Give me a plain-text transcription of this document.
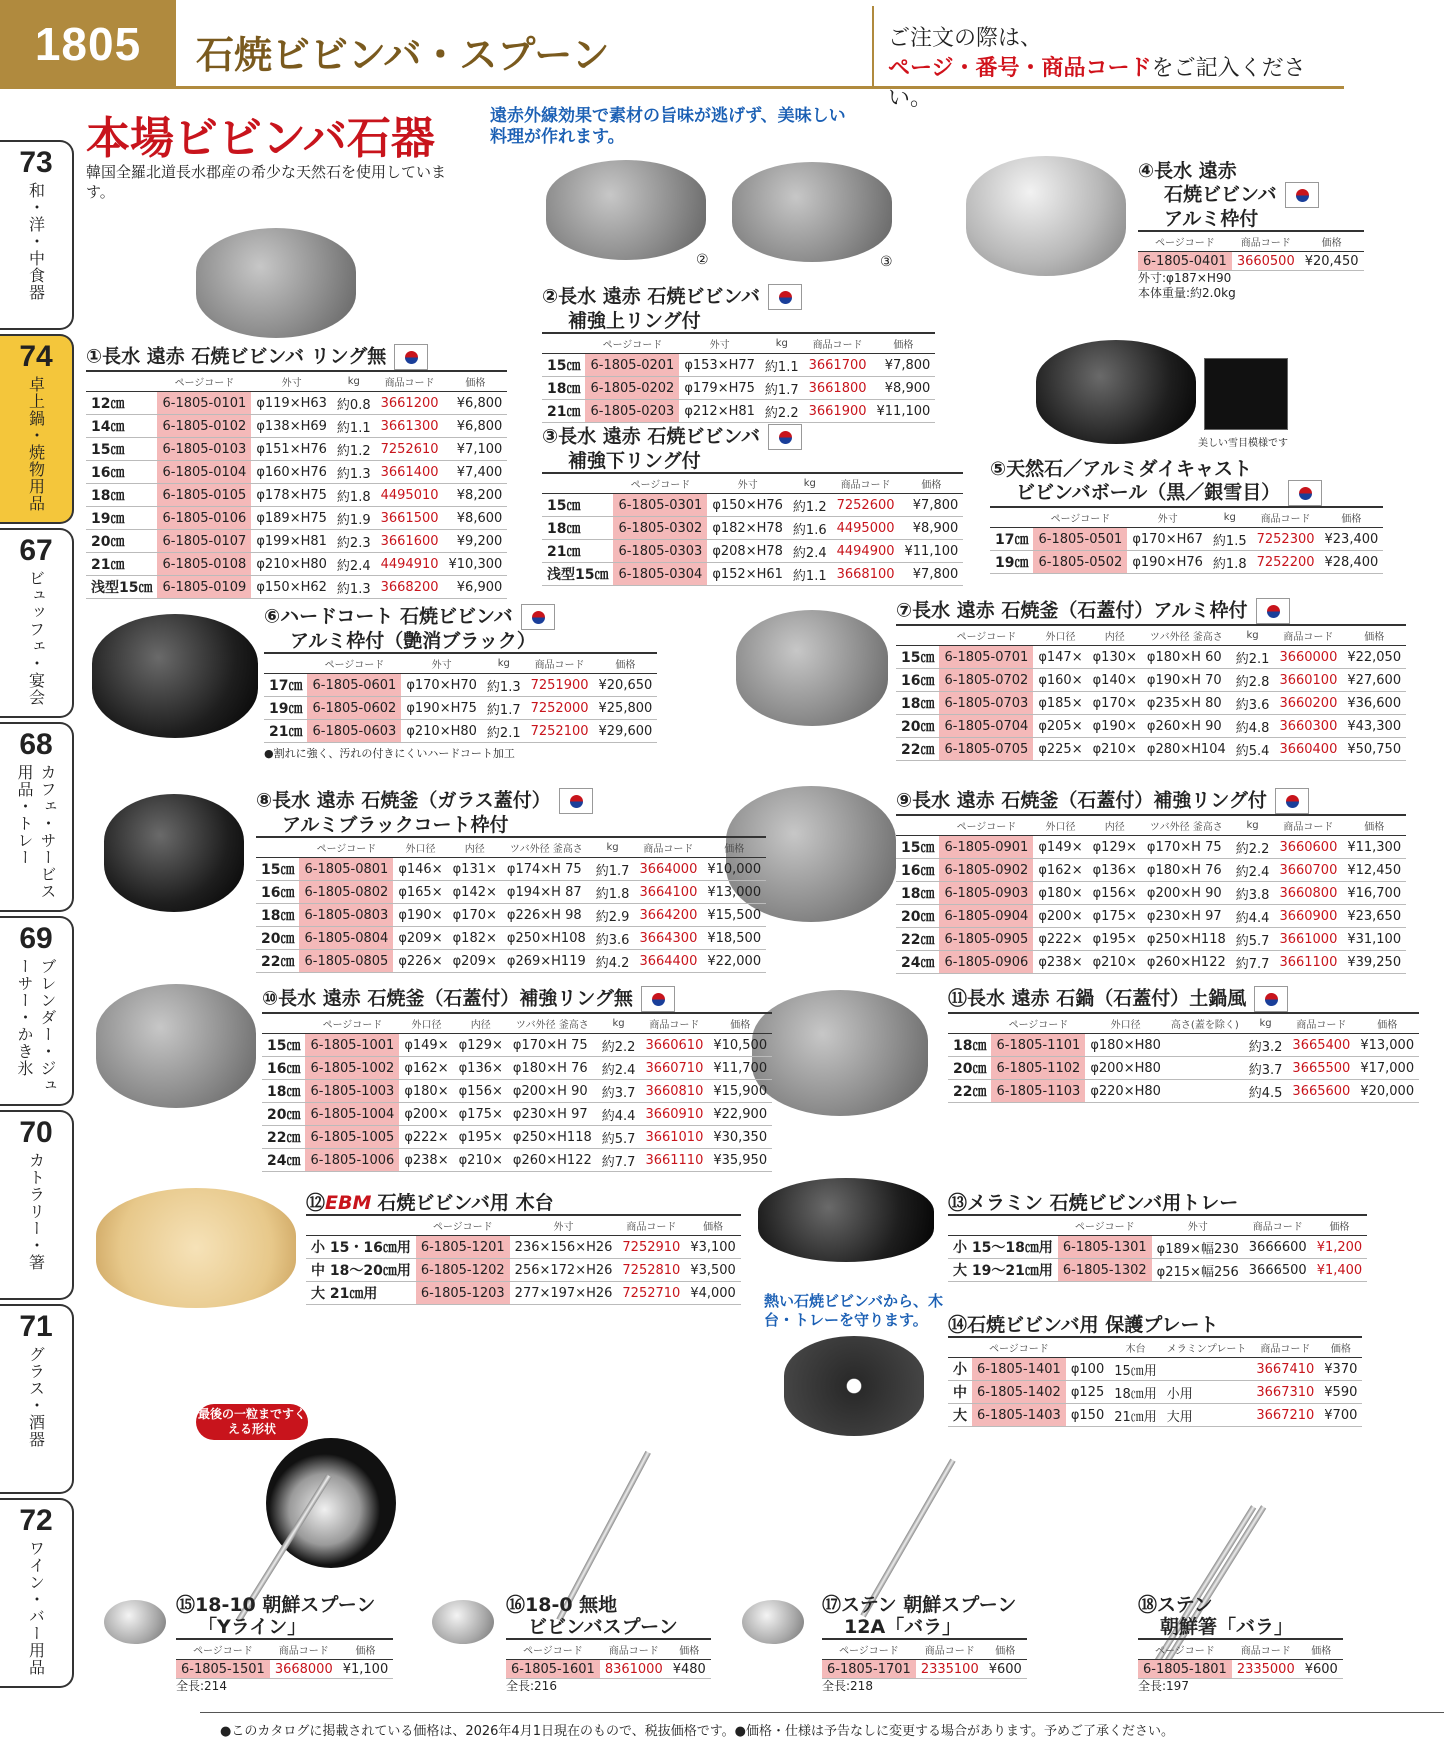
1805	石焼ビビンバ・スプーン	ご注文の際は、
ページ・番号・商品コードをご記入ください。
73
和・洋・中食器
74
卓上鍋・焼物用品
67
ビュッフェ・宴会
68
カフェ・サービス用品・トレー
69
ブレンダー・ジューサー・かき氷
70
カトラリー・箸
71
グラス・酒器
72
ワイン・バー用品
本場ビビンバ石器
韓国全羅北道長水郡産の希少な天然石を使用しています。
遠赤外線効果で素材の旨味が逃げず、美味しい料理が作れます。
②	③
美しい雪目模様です
熱い石焼ビビンバから、木台・トレーを守ります。
①長水 遠赤 石焼ビビンバ リング無
	ページコード	外寸	kg	商品コード	価格
12㎝	6-1805-0101	φ119×H63	約0.8	3661200	¥6,800
14㎝	6-1805-0102	φ138×H69	約1.1	3661300	¥6,800
15㎝	6-1805-0103	φ151×H76	約1.2	7252610	¥7,100
16㎝	6-1805-0104	φ160×H76	約1.3	3661400	¥7,400
18㎝	6-1805-0105	φ178×H75	約1.8	4495010	¥8,200
19㎝	6-1805-0106	φ189×H75	約1.9	3661500	¥8,600
20㎝	6-1805-0107	φ199×H81	約2.3	3661600	¥9,200
21㎝	6-1805-0108	φ210×H80	約2.4	4494910	¥10,300
浅型15㎝	6-1805-0109	φ150×H62	約1.3	3668200	¥6,900
②長水 遠赤 石焼ビビンバ
補強上リング付
	ページコード	外寸	kg	商品コード	価格
15㎝	6-1805-0201	φ153×H77	約1.1	3661700	¥7,800
18㎝	6-1805-0202	φ179×H75	約1.7	3661800	¥8,900
21㎝	6-1805-0203	φ212×H81	約2.2	3661900	¥11,100
③長水 遠赤 石焼ビビンバ
補強下リング付
	ページコード	外寸	kg	商品コード	価格
15㎝	6-1805-0301	φ150×H76	約1.2	7252600	¥7,800
18㎝	6-1805-0302	φ182×H78	約1.6	4495000	¥8,900
21㎝	6-1805-0303	φ208×H78	約2.4	4494900	¥11,100
浅型15㎝	6-1805-0304	φ152×H61	約1.1	3668100	¥7,800
④長水 遠赤
石焼ビビンバ
アルミ枠付
ページコード	商品コード	価格
6-1805-0401	3660500	¥20,450
外寸:φ187×H90
本体重量:約2.0kg
⑤天然石／アルミダイキャスト
ビビンバボール（黒／銀雪目）
	ページコード	外寸	kg	商品コード	価格
17㎝	6-1805-0501	φ170×H67	約1.5	7252300	¥23,400
19㎝	6-1805-0502	φ190×H76	約1.8	7252200	¥28,400
⑥ハードコート 石焼ビビンバ
アルミ枠付（艶消ブラック）
	ページコード	外寸	kg	商品コード	価格
17㎝	6-1805-0601	φ170×H70	約1.3	7251900	¥20,650
19㎝	6-1805-0602	φ190×H75	約1.7	7252000	¥25,800
21㎝	6-1805-0603	φ210×H80	約2.1	7252100	¥29,600
●割れに強く、汚れの付きにくいハードコート加工
⑦長水 遠赤 石焼釜（石蓋付）アルミ枠付
	ページコード	外口径	内径	ツバ外径 釜高さ	kg	商品コード	価格
15㎝	6-1805-0701	φ147×	φ130×	φ180×H 60	約2.1	3660000	¥22,050
16㎝	6-1805-0702	φ160×	φ140×	φ190×H 70	約2.8	3660100	¥27,600
18㎝	6-1805-0703	φ185×	φ170×	φ235×H 80	約3.6	3660200	¥36,600
20㎝	6-1805-0704	φ205×	φ190×	φ260×H 90	約4.8	3660300	¥43,300
22㎝	6-1805-0705	φ225×	φ210×	φ280×H104	約5.4	3660400	¥50,750
⑧長水 遠赤 石焼釜（ガラス蓋付）
アルミブラックコート枠付
	ページコード	外口径	内径	ツバ外径 釜高さ	kg	商品コード	価格
15㎝	6-1805-0801	φ146×	φ131×	φ174×H 75	約1.7	3664000	¥10,000
16㎝	6-1805-0802	φ165×	φ142×	φ194×H 87	約1.8	3664100	¥13,000
18㎝	6-1805-0803	φ190×	φ170×	φ226×H 98	約2.9	3664200	¥15,500
20㎝	6-1805-0804	φ209×	φ182×	φ250×H108	約3.6	3664300	¥18,500
22㎝	6-1805-0805	φ226×	φ209×	φ269×H119	約4.2	3664400	¥22,000
⑨長水 遠赤 石焼釜（石蓋付）補強リング付
	ページコード	外口径	内径	ツバ外径 釜高さ	kg	商品コード	価格
15㎝	6-1805-0901	φ149×	φ129×	φ170×H 75	約2.2	3660600	¥11,300
16㎝	6-1805-0902	φ162×	φ136×	φ180×H 76	約2.4	3660700	¥12,450
18㎝	6-1805-0903	φ180×	φ156×	φ200×H 90	約3.8	3660800	¥16,700
20㎝	6-1805-0904	φ200×	φ175×	φ230×H 97	約4.4	3660900	¥23,650
22㎝	6-1805-0905	φ222×	φ195×	φ250×H118	約5.7	3661000	¥31,100
24㎝	6-1805-0906	φ238×	φ210×	φ260×H122	約7.7	3661100	¥39,250
⑩長水 遠赤 石焼釜（石蓋付）補強リング無
	ページコード	外口径	内径	ツバ外径 釜高さ	kg	商品コード	価格
15㎝	6-1805-1001	φ149×	φ129×	φ170×H 75	約2.2	3660610	¥10,500
16㎝	6-1805-1002	φ162×	φ136×	φ180×H 76	約2.4	3660710	¥11,700
18㎝	6-1805-1003	φ180×	φ156×	φ200×H 90	約3.7	3660810	¥15,900
20㎝	6-1805-1004	φ200×	φ175×	φ230×H 97	約4.4	3660910	¥22,900
22㎝	6-1805-1005	φ222×	φ195×	φ250×H118	約5.7	3661010	¥30,350
24㎝	6-1805-1006	φ238×	φ210×	φ260×H122	約7.7	3661110	¥35,950
⑪長水 遠赤 石鍋（石蓋付）土鍋風
	ページコード	外口径	高さ(蓋を除く)	kg	商品コード	価格
18㎝	6-1805-1101	φ180×H80		約3.2	3665400	¥13,000
20㎝	6-1805-1102	φ200×H80		約3.7	3665500	¥17,000
22㎝	6-1805-1103	φ220×H80		約4.5	3665600	¥20,000
⑫EBM 石焼ビビンバ用 木台
	ページコード	外寸	商品コード	価格
小 15・16㎝用	6-1805-1201	236×156×H26	7252910	¥3,100
中 18〜20㎝用	6-1805-1202	256×172×H26	7252810	¥3,500
大 21㎝用	6-1805-1203	277×197×H26	7252710	¥4,000
⑬メラミン 石焼ビビンバ用トレー
	ページコード	外寸	商品コード	価格
小 15〜18㎝用	6-1805-1301	φ189×幅230	3666600	¥1,200
大 19〜21㎝用	6-1805-1302	φ215×幅256	3666500	¥1,400
⑭石焼ビビンバ用 保護プレート
	ページコード		木台	メラミンプレート	商品コード	価格
小	6-1805-1401	φ100	15㎝用		3667410	¥370
中	6-1805-1402	φ125	18㎝用	小用	3667310	¥590
大	6-1805-1403	φ150	21㎝用	大用	3667210	¥700
最後の一粒まですくえる形状
⑮18-10 朝鮮スプーン
「Yライン」
ページコード	商品コード	価格
6-1805-1501	3668000	¥1,100
全長:214
⑯18-0 無地
ビビンバスプーン
ページコード	商品コード	価格
6-1805-1601	8361000	¥480
全長:216
⑰ステン 朝鮮スプーン
12A「バラ」
ページコード	商品コード	価格
6-1805-1701	2335100	¥600
全長:218
⑱ステン
朝鮮箸「バラ」
ページコード	商品コード	価格
6-1805-1801	2335000	¥600
全長:197
●このカタログに掲載されている価格は、2026年4月1日現在のもので、税抜価格です。●価格・仕様は予告なしに変更する場合があります。予めご了承ください。
